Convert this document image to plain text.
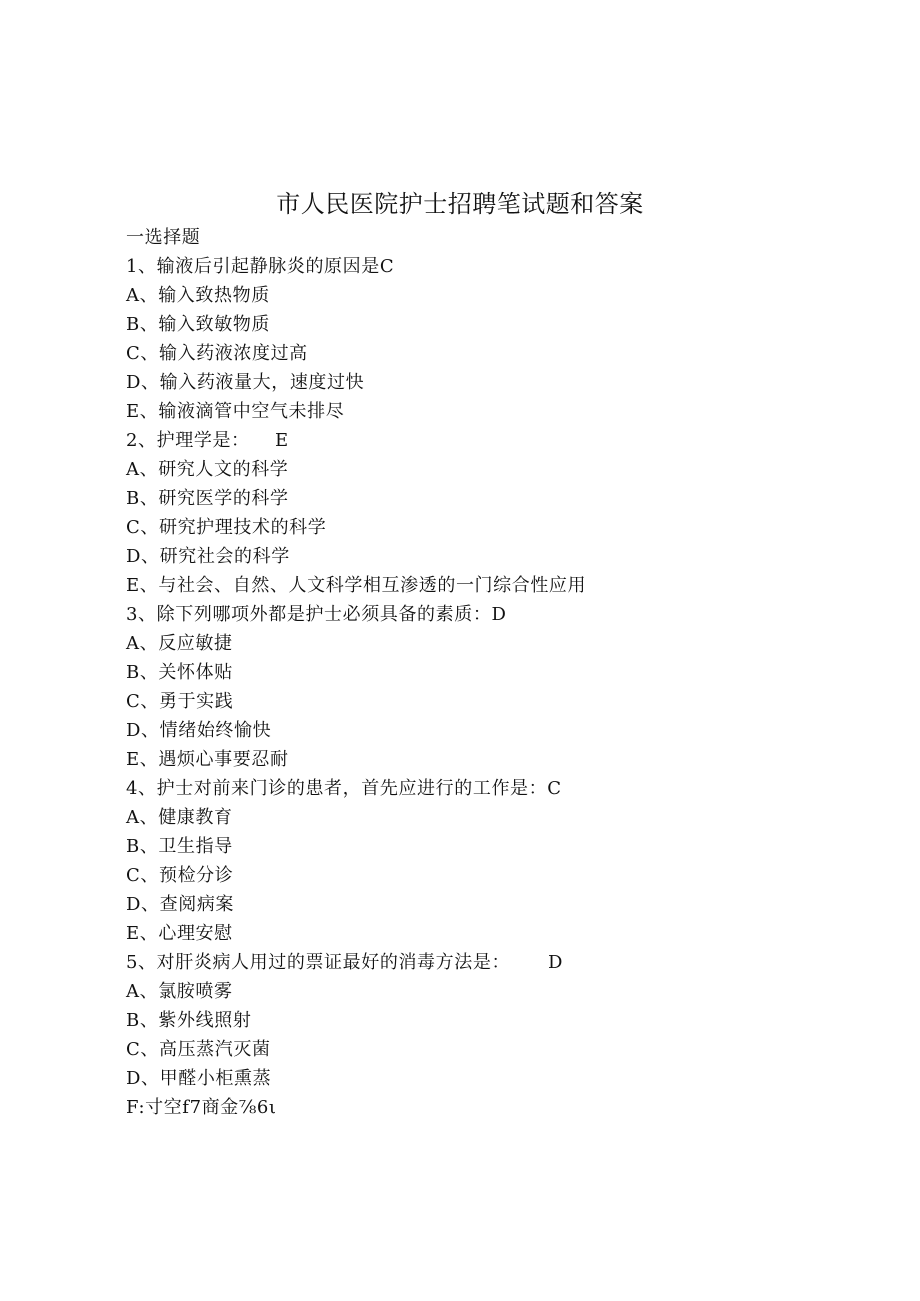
市人民医院护士招聘笔试题和答案
一选择题
1、输液后引起静脉炎的原因是C
A、输入致热物质
B、输入致敏物质
C、输入药液浓度过高
D、输入药液量大，速度过快
E、输液滴管中空气未排尽
2、护理学是：    E
A、研究人文的科学
B、研究医学的科学
C、研究护理技术的科学
D、研究社会的科学
E、与社会、自然、人文科学相互渗透的一门综合性应用
3、除下列哪项外都是护士必须具备的素质：D
A、反应敏捷
B、关怀体贴
C、勇于实践
D、情绪始终愉快
E、遇烦心事要忍耐
4、护士对前来门诊的患者，首先应进行的工作是：C
A、健康教育
B、卫生指导
C、预检分诊
D、查阅病案
E、心理安慰
5、对肝炎病人用过的票证最好的消毒方法是：      D
A、氯胺喷雾
B、紫外线照射
C、高压蒸汽灭菌
D、甲醛小柜熏蒸
F:寸空f7商金⅞6ι
